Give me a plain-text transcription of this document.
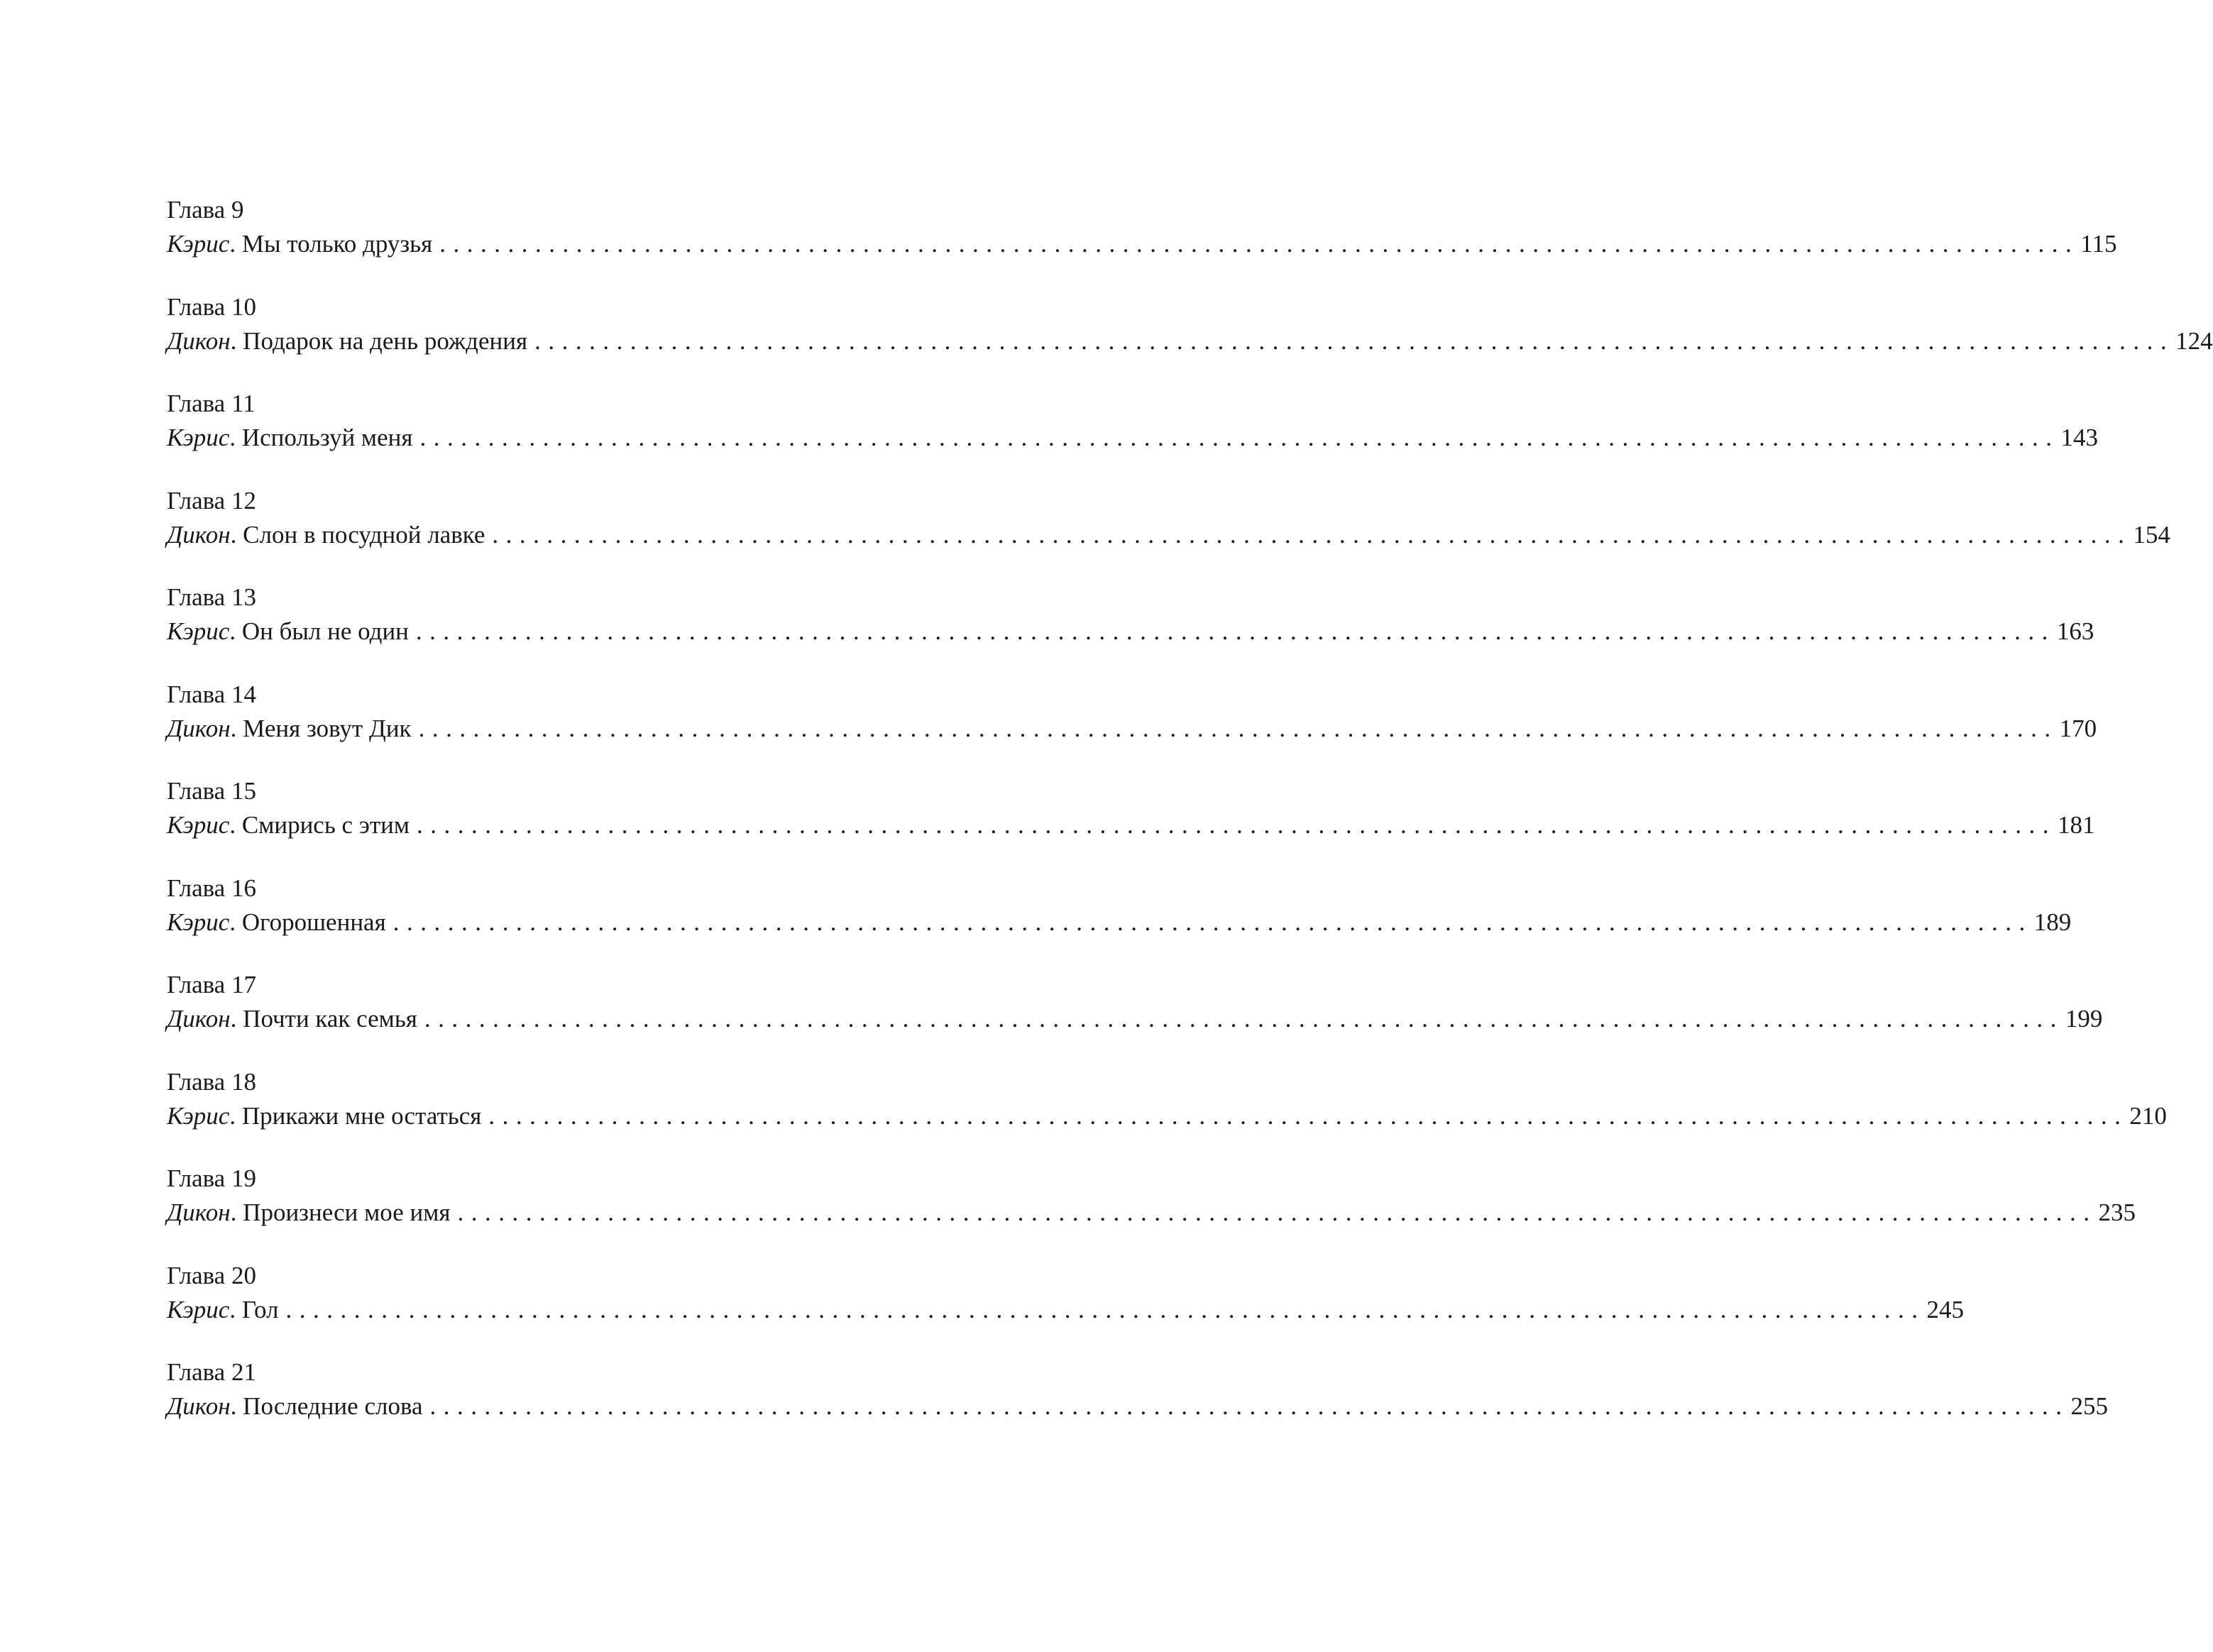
Глава 9
Кэрис . Мы только друзья ........................................................................................................................ 115
Глава 10
Дикон . Подарок на день рождения ........................................................................................................................ 124
Глава 11
Кэрис . Используй меня ........................................................................................................................ 143
Глава 12
Дикон . Слон в посудной лавке ........................................................................................................................ 154
Глава 13
Кэрис . Он был не один ........................................................................................................................ 163
Глава 14
Дикон . Меня зовут Дик ........................................................................................................................ 170
Глава 15
Кэрис . Смирись с этим ........................................................................................................................ 181
Глава 16
Кэрис . Огорошенная ........................................................................................................................ 189
Глава 17
Дикон . Почти как семья ........................................................................................................................ 199
Глава 18
Кэрис . Прикажи мне остаться ........................................................................................................................ 210
Глава 19
Дикон . Произнеси мое имя ........................................................................................................................ 235
Глава 20
Кэрис . Гол ........................................................................................................................ 245
Глава 21
Дикон . Последние слова ........................................................................................................................ 255
